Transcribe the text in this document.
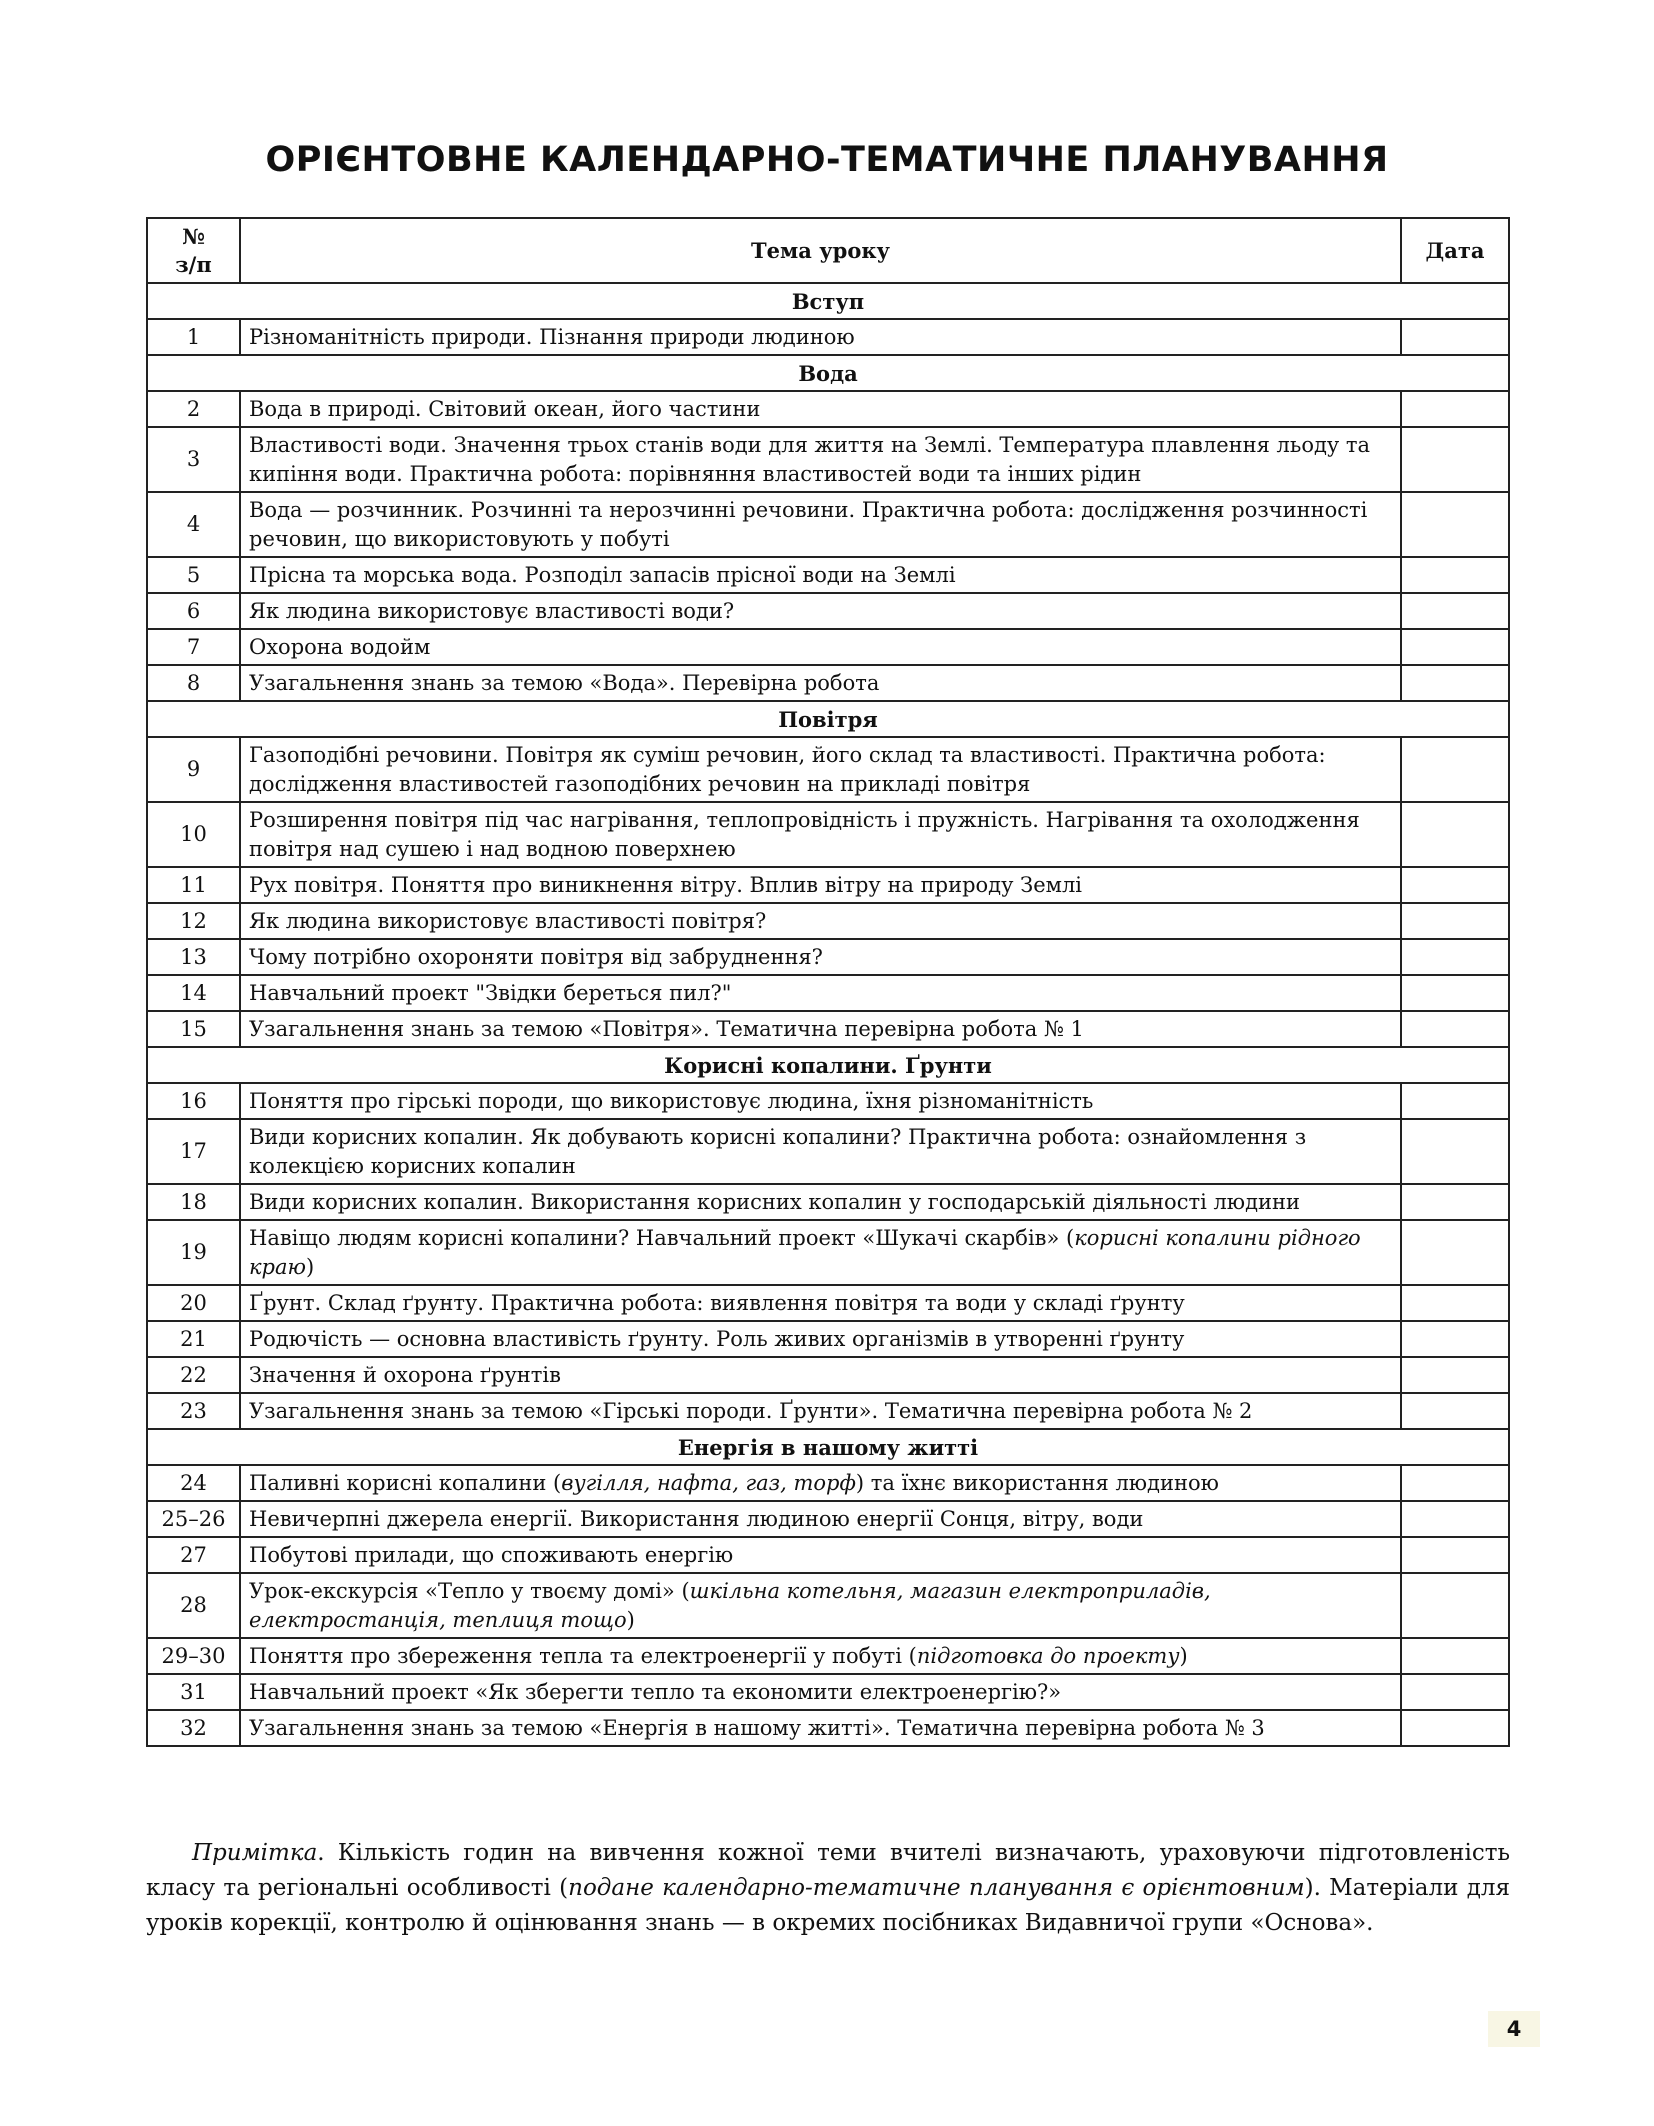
ОРІЄНТОВНЕ КАЛЕНДАРНО-ТЕМАТИЧНЕ ПЛАНУВАННЯ
№
з/п	Тема уроку	Дата
Вступ		
1	Різноманітність природи. Пізнання природи людиною	
Вода		
2	Вода в природі. Світовий океан, його частини	
3	Властивості води. Значення трьох станів води для життя на Землі. Температура плавлення льоду та кипіння води. Практична робота: порівняння властивостей води та інших рідин	
4	Вода — розчинник. Розчинні та нерозчинні речовини. Практична робота: дослідження розчинності речовин, що використовують у побуті	
5	Прісна та морська вода. Розподіл запасів прісної води на Землі	
6	Як людина використовує властивості води?	
7	Охорона водойм	
8	Узагальнення знань за темою «Вода». Перевірна робота	
Повітря		
9	Газоподібні речовини. Повітря як суміш речовин, його склад та властивості. Практична робота: дослідження властивостей газоподібних речовин на прикладі повітря	
10	Розширення повітря під час нагрівання, теплопровідність і пружність. Нагрівання та охолодження повітря над сушею і над водною поверхнею	
11	Рух повітря. Поняття про виникнення вітру. Вплив вітру на природу Землі	
12	Як людина використовує властивості повітря?	
13	Чому потрібно охороняти повітря від забруднення?	
14	Навчальний проект "Звідки береться пил?"	
15	Узагальнення знань за темою «Повітря». Тематична перевірна робота № 1	
Корисні копалини. Ґрунти		
16	Поняття про гірські породи, що використовує людина, їхня різноманітність	
17	Види корисних копалин. Як добувають корисні копалини? Практична робота: ознайомлення з колекцією корисних копалин	
18	Види корисних копалин. Використання корисних копалин у господарській діяльності людини	
19	Навіщо людям корисні копалини? Навчальний проект «Шукачі скарбів» (корисні копалини рідного краю)	
20	Ґрунт. Склад ґрунту. Практична робота: виявлення повітря та води у складі ґрунту	
21	Родючість — основна властивість ґрунту. Роль живих організмів в утворенні ґрунту	
22	Значення й охорона ґрунтів	
23	Узагальнення знань за темою «Гірські породи. Ґрунти». Тематична перевірна робота № 2	
Енергія в нашому житті		
24	Паливні корисні копалини (вугілля, нафта, газ, торф) та їхнє використання людиною	
25–26	Невичерпні джерела енергії. Використання людиною енергії Сонця, вітру, води	
27	Побутові прилади, що споживають енергію	
28	Урок-екскурсія «Тепло у твоєму домі» (шкільна котельня, магазин електроприладів, електростанція, теплиця тощо)	
29–30	Поняття про збереження тепла та електроенергії у побуті (підготовка до проекту)	
31	Навчальний проект «Як зберегти тепло та економити електроенергію?»	
32	Узагальнення знань за темою «Енергія в нашому житті». Тематична перевірна робота № 3	
  Примітка. Кількість годин на вивчення кожної теми вчителі визначають, ураховуючи підготовленість класу та регіональні особливості (подане календарно-тематичне планування є орієнтовним). Матеріали для уроків корекції, контролю й оцінювання знань — в окремих посібниках Видавничої групи «Основа».
4
